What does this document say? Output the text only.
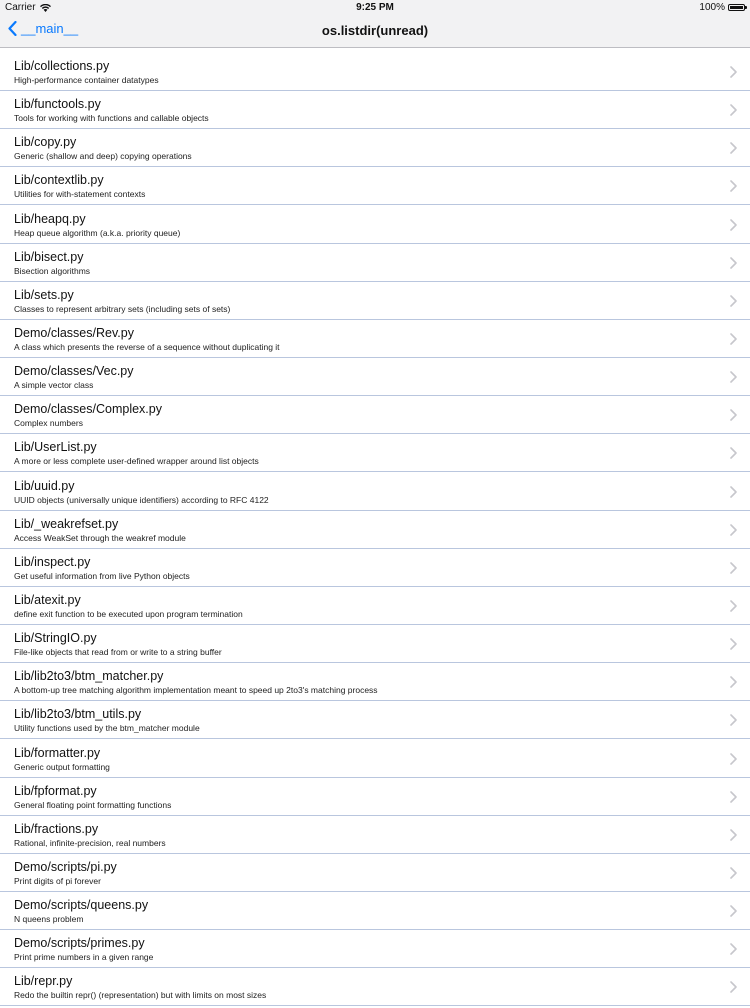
Carrier	9:25 PM	100%
__main__	os.listdir(unread)
Lib/collections.py
High-performance container datatypes
Lib/functools.py
Tools for working with functions and callable objects
Lib/copy.py
Generic (shallow and deep) copying operations
Lib/contextlib.py
Utilities for with-statement contexts
Lib/heapq.py
Heap queue algorithm (a.k.a. priority queue)
Lib/bisect.py
Bisection algorithms
Lib/sets.py
Classes to represent arbitrary sets (including sets of sets)
Demo/classes/Rev.py
A class which presents the reverse of a sequence without duplicating it
Demo/classes/Vec.py
A simple vector class
Demo/classes/Complex.py
Complex numbers
Lib/UserList.py
A more or less complete user-defined wrapper around list objects
Lib/uuid.py
UUID objects (universally unique identifiers) according to RFC 4122
Lib/_weakrefset.py
Access WeakSet through the weakref module
Lib/inspect.py
Get useful information from live Python objects
Lib/atexit.py
define exit function to be executed upon program termination
Lib/StringIO.py
File-like objects that read from or write to a string buffer
Lib/lib2to3/btm_matcher.py
A bottom-up tree matching algorithm implementation meant to speed up 2to3's matching process
Lib/lib2to3/btm_utils.py
Utility functions used by the btm_matcher module
Lib/formatter.py
Generic output formatting
Lib/fpformat.py
General floating point formatting functions
Lib/fractions.py
Rational, infinite-precision, real numbers
Demo/scripts/pi.py
Print digits of pi forever
Demo/scripts/queens.py
N queens problem
Demo/scripts/primes.py
Print prime numbers in a given range
Lib/repr.py
Redo the builtin repr() (representation) but with limits on most sizes
